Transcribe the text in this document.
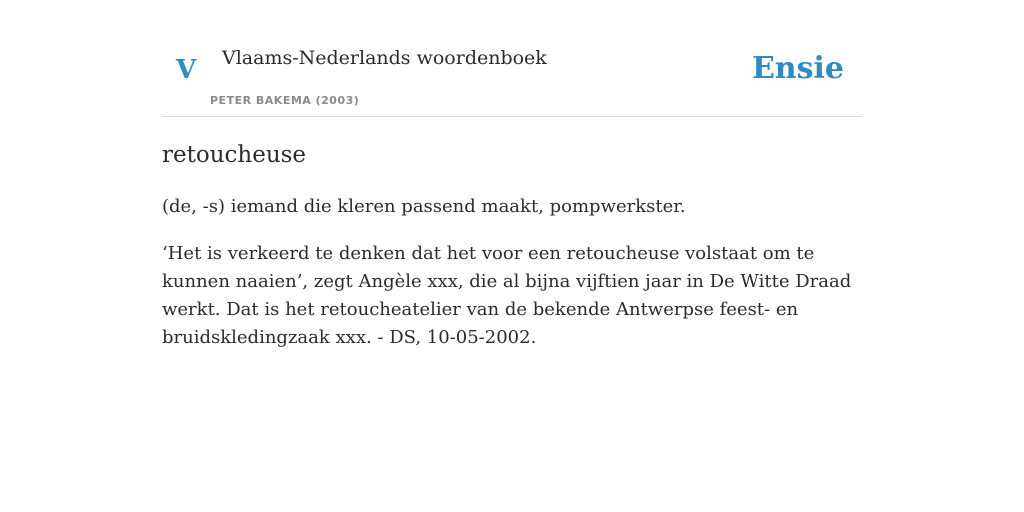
V Vlaams-Nederlands woordenboek
PETER BAKEMA (2003)
Ensie
retoucheuse

(de, -s) iemand die kleren passend maakt, pompwerkster.

‘Het is verkeerd te denken dat het voor een retoucheuse volstaat om te kunnen naaien’, zegt Angèle xxx, die al bijna vijftien jaar in De Witte Draad werkt. Dat is het retoucheatelier van de bekende Antwerpse feest- en bruidskledingzaak xxx. - DS, 10-05-2002.
